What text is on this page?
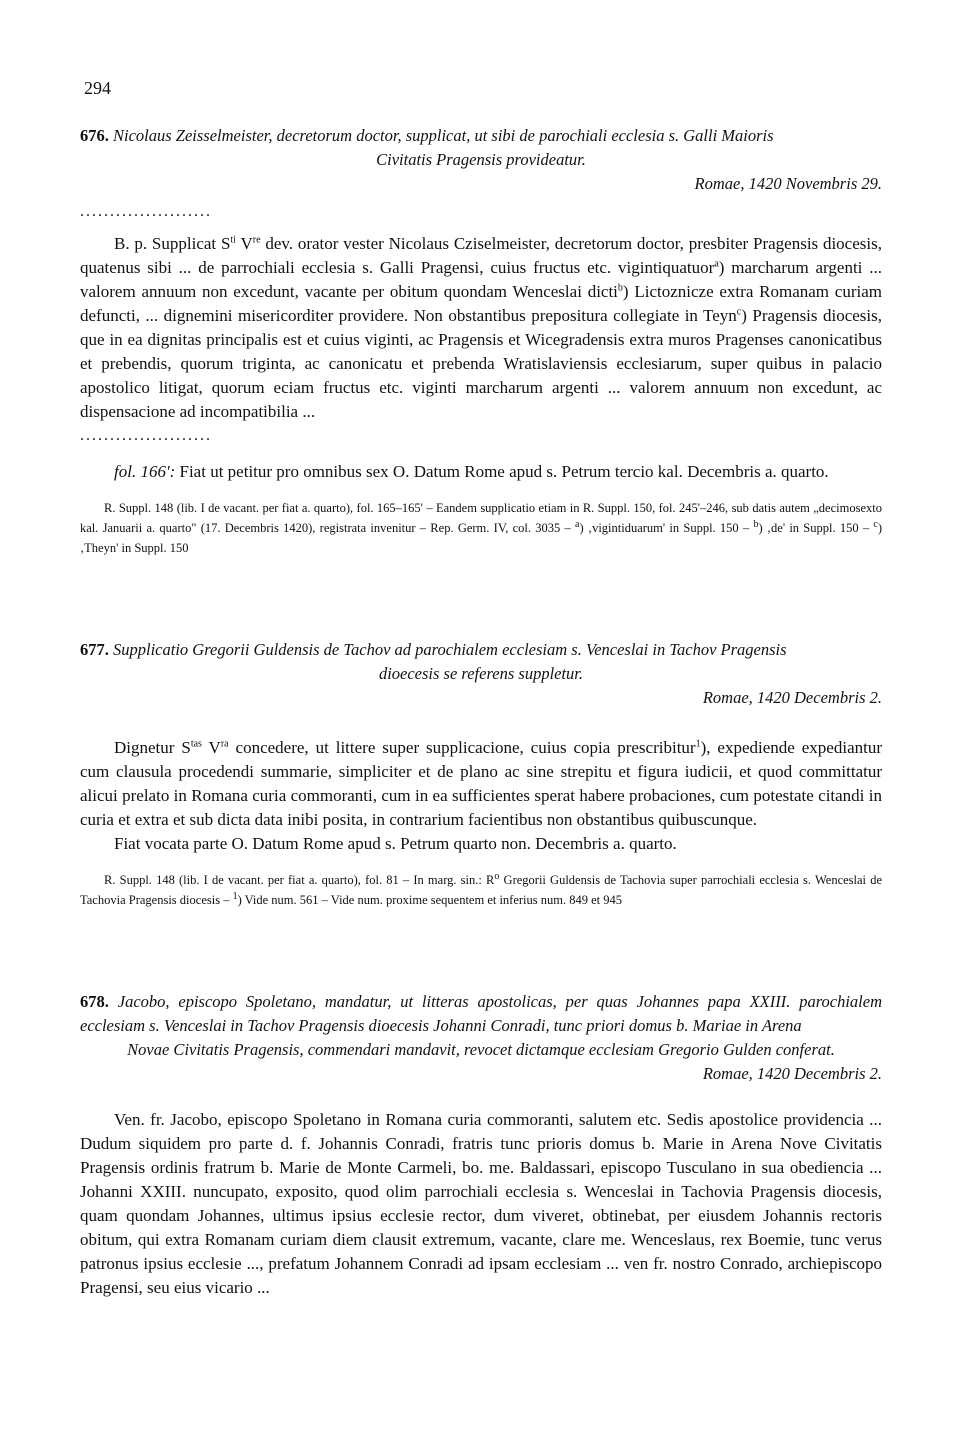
294
676. Nicolaus Zeisselmeister, decretorum doctor, supplicat, ut sibi de parochiali ecclesia s. Galli Maioris
Civitatis Pragensis provideatur.
Romae, 1420 Novembris 29.
......................
B. p. Supplicat $S^{ti}$ Vre dev. orator vester Nicolaus Cziselmeister, decretorum doctor, presbiter Pragensis diocesis, quatenus sibi ... de parrochiali ecclesia s. Galli Pragensi, cuius fructus etc. vigintiquatuor$^a$) marcharum argenti ... valorem annuum non excedunt, vacante per obitum quondam Wenceslai dicti$^b$) Lictoznicze extra Romanam curiam defuncti, ... dignemini misericorditer providere. Non obstantibus prepositura collegiate in Teyn$^c$) Pragensis diocesis, que in ea dignitas principalis est et cuius viginti, ac Pragensis et Wicegradensis extra muros Pragenses canonicatibus et prebendis, quorum triginta, ac canonicatu et prebenda Wratislaviensis ecclesiarum, super quibus in palacio apostolico litigat, quorum eciam fructus etc. viginti marcharum argenti ... valorem annuum non excedunt, ac dispensacione ad incompatibilia ...
......................
fol. 166': Fiat ut petitur pro omnibus sex O. Datum Rome apud s. Petrum tercio kal. Decembris a. quarto.
R. Suppl. 148 (lib. I de vacant. per fiat a. quarto), fol. 165–165' – Eandem supplicatio etiam in R. Suppl. 150, fol. 245'–246, sub datis autem „decimosexto kal. Januarii a. quarto" (17. Decembris 1420), registrata invenitur – Rep. Germ. IV, col. 3035 – $^a$) ‚vigintiduarum' in Suppl. 150 – $^b$) ‚de' in Suppl. 150 – $^c$) ‚Theyn' in Suppl. 150
677. Supplicatio Gregorii Guldensis de Tachov ad parochialem ecclesiam s. Venceslai in Tachov Pragensis
dioecesis se referens suppletur.
Romae, 1420 Decembris 2.
Dignetur $S^{tas}$ $V^{ra}$ concedere, ut littere super supplicacione, cuius copia prescribitur$^1$), expediende expediantur cum clausula procedendi summarie, simpliciter et de plano ac sine strepitu et figura iudicii, et quod committatur alicui prelato in Romana curia commoranti, cum in ea sufficientes sperat habere probaciones, cum potestate citandi in curia et extra et sub dicta data inibi posita, in contrarium facientibus non obstantibus quibuscunque.
Fiat vocata parte O. Datum Rome apud s. Petrum quarto non. Decembris a. quarto.
R. Suppl. 148 (lib. I de vacant. per fiat a. quarto), fol. 81 – In marg. sin.: $R^o$ Gregorii Guldensis de Tachovia super parrochiali ecclesia s. Wenceslai de Tachovia Pragensis diocesis – $^1$) Vide num. 561 – Vide num. proxime sequentem et inferius num. 849 et 945
678. Jacobo, episcopo Spoletano, mandatur, ut litteras apostolicas, per quas Johannes papa XXIII. parochialem ecclesiam s. Venceslai in Tachov Pragensis dioecesis Johanni Conradi, tunc priori domus b. Mariae in Arena
Novae Civitatis Pragensis, commendari mandavit, revocet dictamque ecclesiam Gregorio Gulden conferat.
Romae, 1420 Decembris 2.
Ven. fr. Jacobo, episcopo Spoletano in Romana curia commoranti, salutem etc. Sedis apostolice providencia ... Dudum siquidem pro parte d. f. Johannis Conradi, fratris tunc prioris domus b. Marie in Arena Nove Civitatis Pragensis ordinis fratrum b. Marie de Monte Carmeli, bo. me. Baldassari, episcopo Tusculano in sua obediencia ... Johanni XXIII. nuncupato, exposito, quod olim parrochiali ecclesia s. Wenceslai in Tachovia Pragensis diocesis, quam quondam Johannes, ultimus ipsius ecclesie rector, dum viveret, obtinebat, per eiusdem Johannis rectoris obitum, qui extra Romanam curiam diem clausit extremum, vacante, clare me. Wenceslaus, rex Boemie, tunc verus patronus ipsius ecclesie ..., prefatum Johannem Conradi ad ipsam ecclesiam ... ven fr. nostro Conrado, archiepiscopo Pragensi, seu eius vicario ...
